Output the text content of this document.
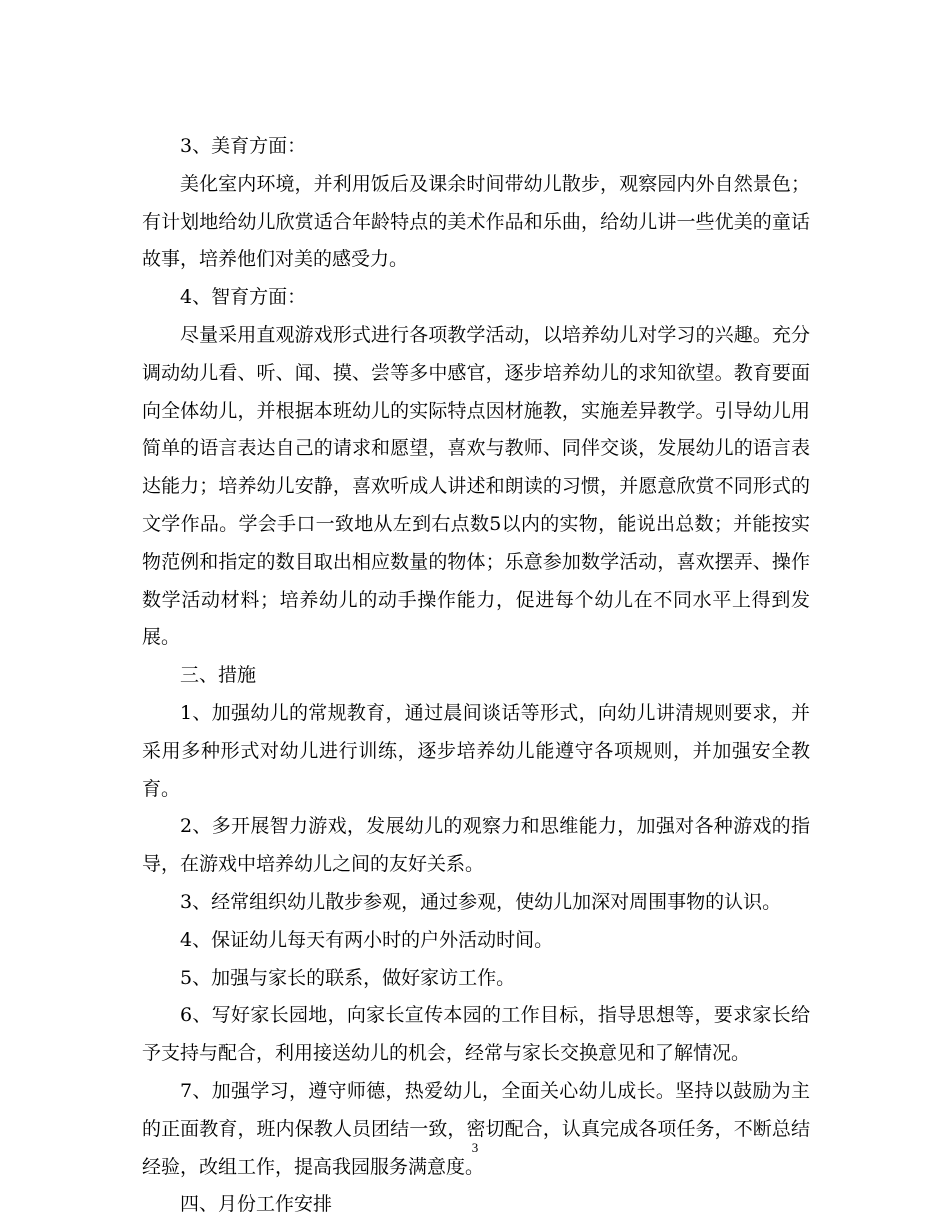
3、美育方面：

美化室内环境，并利用饭后及课余时间带幼儿散步，观察园内外自然景色；有计划地给幼儿欣赏适合年龄特点的美术作品和乐曲，给幼儿讲一些优美的童话故事，培养他们对美的感受力。

4、智育方面：

尽量采用直观游戏形式进行各项教学活动，以培养幼儿对学习的兴趣。充分调动幼儿看、听、闻、摸、尝等多中感官，逐步培养幼儿的求知欲望。教育要面向全体幼儿，并根据本班幼儿的实际特点因材施教，实施差异教学。引导幼儿用简单的语言表达自己的请求和愿望，喜欢与教师、同伴交谈，发展幼儿的语言表达能力；培养幼儿安静，喜欢听成人讲述和朗读的习惯，并愿意欣赏不同形式的文学作品。学会手口一致地从左到右点数5以内的实物，能说出总数；并能按实物范例和指定的数目取出相应数量的物体；乐意参加数学活动，喜欢摆弄、操作数学活动材料；培养幼儿的动手操作能力，促进每个幼儿在不同水平上得到发展。

三、措施

1、加强幼儿的常规教育，通过晨间谈话等形式，向幼儿讲清规则要求，并采用多种形式对幼儿进行训练，逐步培养幼儿能遵守各项规则，并加强安全教育。

2、多开展智力游戏，发展幼儿的观察力和思维能力，加强对各种游戏的指导，在游戏中培养幼儿之间的友好关系。

3、经常组织幼儿散步参观，通过参观，使幼儿加深对周围事物的认识。

4、保证幼儿每天有两小时的户外活动时间。

5、加强与家长的联系，做好家访工作。

6、写好家长园地，向家长宣传本园的工作目标，指导思想等，要求家长给予支持与配合，利用接送幼儿的机会，经常与家长交换意见和了解情况。

7、加强学习，遵守师德，热爱幼儿，全面关心幼儿成长。坚持以鼓励为主的正面教育，班内保教人员团结一致，密切配合，认真完成各项任务，不断总结经验，改组工作，提高我园服务满意度。

四、月份工作安排

3
